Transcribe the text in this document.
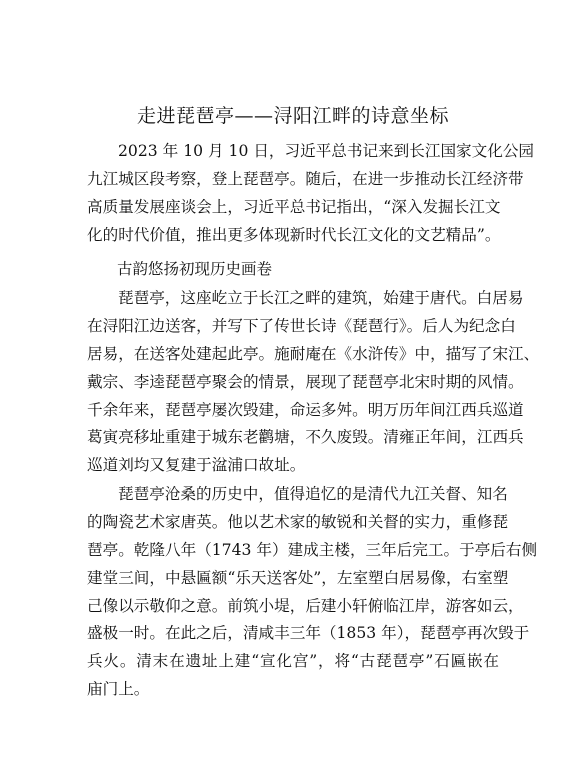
走进琵琶亭——浔阳江畔的诗意坐标
2023 年 10 月 10 日，习近平总书记来到长江国家文化公园
九江城区段考察，登上琵琶亭。随后，在进一步推动长江经济带
高质量发展座谈会上，习近平总书记指出，“深入发掘长江文
化的时代价值，推出更多体现新时代长江文化的文艺精品”。
古韵悠扬初现历史画卷
琵琶亭，这座屹立于长江之畔的建筑，始建于唐代。白居易
在浔阳江边送客，并写下了传世长诗《琵琶行》。后人为纪念白
居易，在送客处建起此亭。施耐庵在《水浒传》中，描写了宋江、
戴宗、李逵琵琶亭聚会的情景，展现了琵琶亭北宋时期的风情。
千余年来，琵琶亭屡次毁建，命运多舛。明万历年间江西兵巡道
葛寅亮移址重建于城东老鹳塘，不久废毁。清雍正年间，江西兵
巡道刘均又复建于湓浦口故址。
琵琶亭沧桑的历史中，值得追忆的是清代九江关督、知名
的陶瓷艺术家唐英。他以艺术家的敏锐和关督的实力，重修琵
琶亭。乾隆八年（1743 年）建成主楼，三年后完工。于亭后右侧
建堂三间，中悬匾额“乐天送客处”，左室塑白居易像，右室塑
己像以示敬仰之意。前筑小堤，后建小轩俯临江岸，游客如云，
盛极一时。在此之后，清咸丰三年（1853 年），琵琶亭再次毁于
兵火。清末在遗址上建“宣化宫”，将“古琵琶亭”石匾嵌在
庙门上。
